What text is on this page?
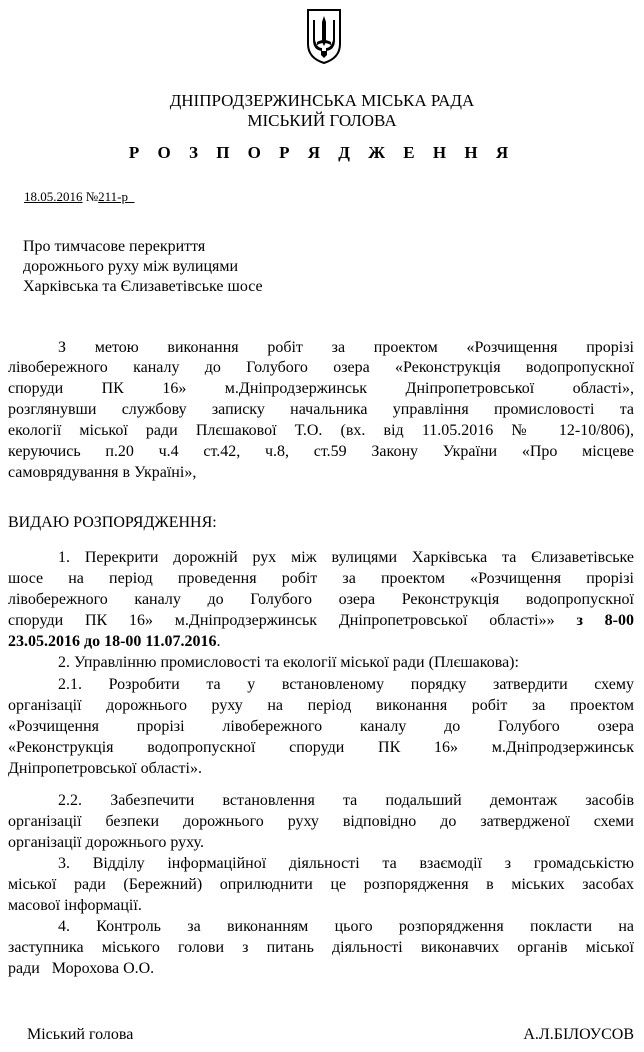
ДНІПРОДЗЕРЖИНСЬКА МІСЬКА РАДА
МІСЬКИЙ ГОЛОВА
Р О З П О Р Я Д Ж Е Н Н Я
18.05.2016 №211-р
Про тимчасове перекриття
дорожнього руху між вулицями
Харківська та Єлизаветівське шосе
З метою виконання робіт за проектом «Розчищення прорізі
лівобережного каналу до Голубого озера «Реконструкція водопропускної
споруди ПК 16» м.Дніпродзержинськ Дніпропетровської області»,
розглянувши службову записку начальника управління промисловості та
екології міської ради Плєшакової Т.О. (вх. від 11.05.2016 № 12-10/806),
керуючись п.20 ч.4 ст.42, ч.8, ст.59 Закону України «Про місцеве
самоврядування в Україні»,
ВИДАЮ РОЗПОРЯДЖЕННЯ:
1. Перекрити дорожній рух між вулицями Харківська та Єлизаветівське
шосе на період проведення робіт за проектом «Розчищення прорізі
лівобережного каналу до Голубого озера Реконструкція водопропускної
споруди ПК 16» м.Дніпродзержинськ Дніпропетровської області»» з 8-00
23.05.2016 до 18-00 11.07.2016.
2. Управлінню промисловості та екології міської ради (Плєшакова):
2.1. Розробити та у встановленому порядку затвердити схему
організації дорожнього руху на період виконання робіт за проектом
«Розчищення прорізі лівобережного каналу до Голубого озера
«Реконструкція водопропускної споруди ПК 16» м.Дніпродзержинськ
Дніпропетровської області».
2.2. Забезпечити встановлення та подальший демонтаж засобів
організації безпеки дорожнього руху відповідно до затвердженої схеми
організації дорожнього руху.
3. Відділу інформаційної діяльності та взаємодії з громадськістю
міської ради (Бережний) оприлюднити це розпорядження в міських засобах
масової інформації.
4. Контроль за виконанням цього розпорядження покласти на
заступника міського голови з питань діяльності виконавчих органів міської
ради   Морохова О.О.
Міський голова	А.Л.БІЛОУСОВ
